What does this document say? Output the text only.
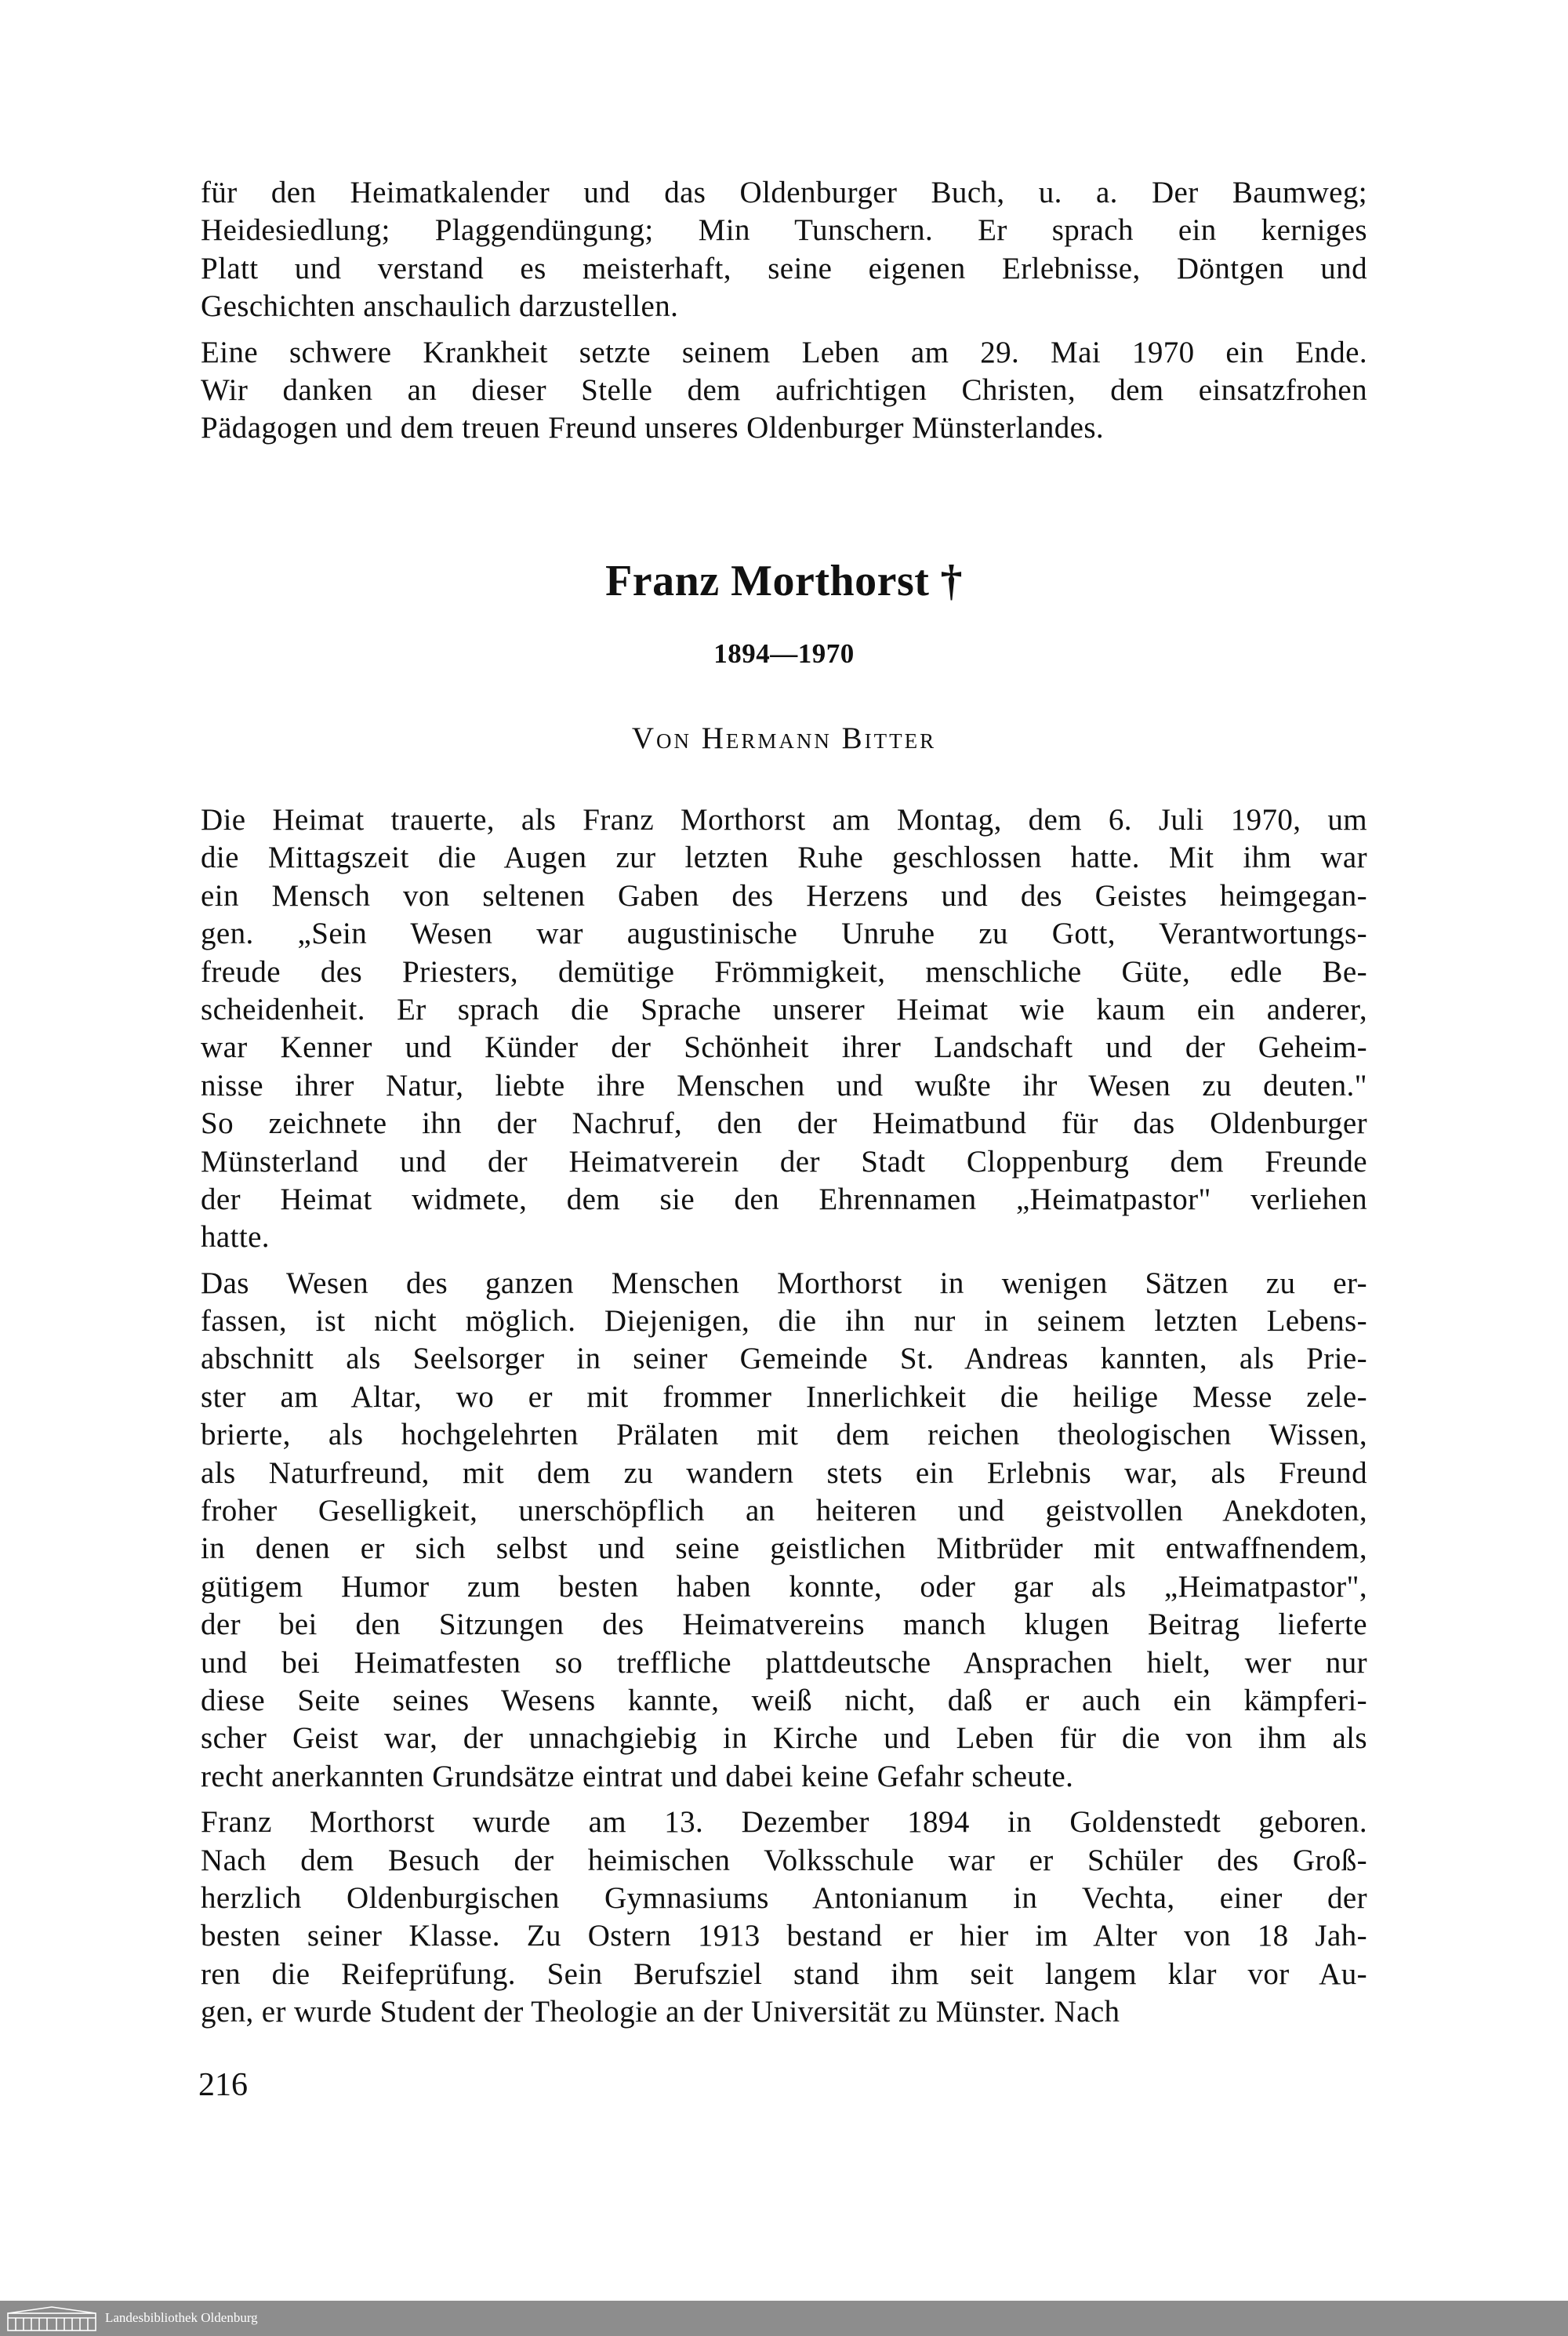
für den Heimatkalender und das Oldenburger Buch, u. a. Der Baumweg;
Heidesiedlung; Plaggendüngung; Min Tunschern. Er sprach ein kerniges
Platt und verstand es meisterhaft, seine eigenen Erlebnisse, Döntgen und
Geschichten anschaulich darzustellen.
Eine schwere Krankheit setzte seinem Leben am 29. Mai 1970 ein Ende.
Wir danken an dieser Stelle dem aufrichtigen Christen, dem einsatzfrohen
Pädagogen und dem treuen Freund unseres Oldenburger Münsterlandes.
Franz Morthorst †
1894—1970
Von Hermann Bitter
Die Heimat trauerte, als Franz Morthorst am Montag, dem 6. Juli 1970, um
die Mittagszeit die Augen zur letzten Ruhe geschlossen hatte. Mit ihm war
ein Mensch von seltenen Gaben des Herzens und des Geistes heimgegan-
gen. „Sein Wesen war augustinische Unruhe zu Gott, Verantwortungs-
freude des Priesters, demütige Frömmigkeit, menschliche Güte, edle Be-
scheidenheit. Er sprach die Sprache unserer Heimat wie kaum ein anderer,
war Kenner und Künder der Schönheit ihrer Landschaft und der Geheim-
nisse ihrer Natur, liebte ihre Menschen und wußte ihr Wesen zu deuten."
So zeichnete ihn der Nachruf, den der Heimatbund für das Oldenburger
Münsterland und der Heimatverein der Stadt Cloppenburg dem Freunde
der Heimat widmete, dem sie den Ehrennamen „Heimatpastor" verliehen
hatte.
Das Wesen des ganzen Menschen Morthorst in wenigen Sätzen zu er-
fassen, ist nicht möglich. Diejenigen, die ihn nur in seinem letzten Lebens-
abschnitt als Seelsorger in seiner Gemeinde St. Andreas kannten, als Prie-
ster am Altar, wo er mit frommer Innerlichkeit die heilige Messe zele-
brierte, als hochgelehrten Prälaten mit dem reichen theologischen Wissen,
als Naturfreund, mit dem zu wandern stets ein Erlebnis war, als Freund
froher Geselligkeit, unerschöpflich an heiteren und geistvollen Anekdoten,
in denen er sich selbst und seine geistlichen Mitbrüder mit entwaffnendem,
gütigem Humor zum besten haben konnte, oder gar als „Heimatpastor",
der bei den Sitzungen des Heimatvereins manch klugen Beitrag lieferte
und bei Heimatfesten so treffliche plattdeutsche Ansprachen hielt, wer nur
diese Seite seines Wesens kannte, weiß nicht, daß er auch ein kämpferi-
scher Geist war, der unnachgiebig in Kirche und Leben für die von ihm als
recht anerkannten Grundsätze eintrat und dabei keine Gefahr scheute.
Franz Morthorst wurde am 13. Dezember 1894 in Goldenstedt geboren.
Nach dem Besuch der heimischen Volksschule war er Schüler des Groß-
herzlich Oldenburgischen Gymnasiums Antonianum in Vechta, einer der
besten seiner Klasse. Zu Ostern 1913 bestand er hier im Alter von 18 Jah-
ren die Reifeprüfung. Sein Berufsziel stand ihm seit langem klar vor Au-
gen, er wurde Student der Theologie an der Universität zu Münster. Nach
216
Landesbibliothek Oldenburg
